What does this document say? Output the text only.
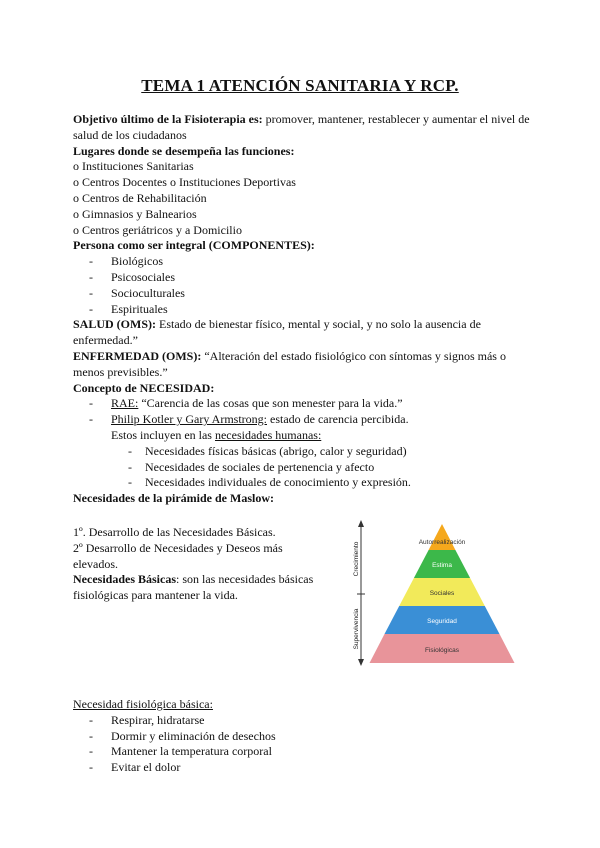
TEMA 1 ATENCIÓN SANITARIA Y RCP.

Objetivo último de la Fisioterapia es: promover, mantener, restablecer y aumentar el nivel de salud de los ciudadanos

Lugares donde se desempeña las funciones:

o Instituciones Sanitarias

o Centros Docentes o Instituciones Deportivas

o Centros de Rehabilitación

o Gimnasios y Balnearios

o Centros geriátricos y a Domicilio

Persona como ser integral (COMPONENTES):

- Biológicos
- Psicosociales
- Socioculturales
- Espirituales

SALUD (OMS): Estado de bienestar físico, mental y social, y no solo la ausencia de enfermedad.”

ENFERMEDAD (OMS): “Alteración del estado fisiológico con síntomas y signos más o menos previsibles.”

Concepto de NECESIDAD:

- RAE: “Carencia de las cosas que son menester para la vida.”
- Philip Kotler y Gary Armstrong: estado de carencia percibida.

Estos incluyen en las necesidades humanas:

- Necesidades físicas básicas (abrigo, calor y seguridad)
- Necesidades de sociales de pertenencia y afecto
- Necesidades individuales de conocimiento y expresión.

Necesidades de la pirámide de Maslow:

1º. Desarrollo de las Necesidades Básicas.

2º Desarrollo de Necesidades y Deseos más elevados.

Necesidades Básicas: son las necesidades básicas fisiológicas para mantener la vida.

Crecimiento
Supervivencia
Autorrealización
Estima
Sociales
Seguridad
Fisiológicas

Necesidad fisiológica básica:

- Respirar, hidratarse
- Dormir y eliminación de desechos
- Mantener la temperatura corporal
- Evitar el dolor
